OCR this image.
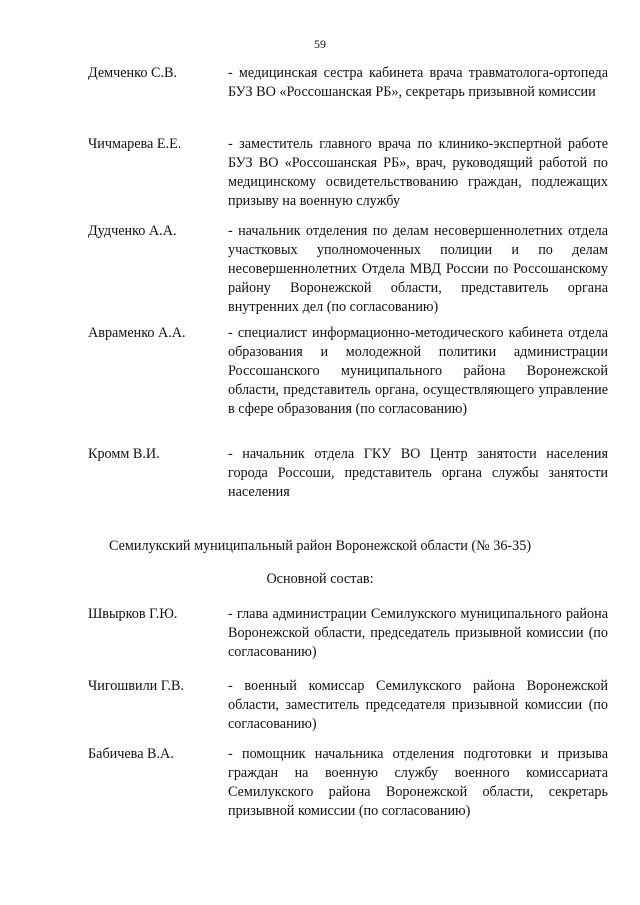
59
Демченко С.В.	- медицинская сестра кабинета врача травматолога-ортопеда БУЗ ВО «Россошанская РБ», секретарь призывной комиссии
Чичмарева Е.Е.	- заместитель главного врача по клинико-экспертной работе БУЗ ВО «Россошанская РБ», врач, руководящий работой по медицинскому освидетельствованию граждан, подлежащих призыву на военную службу
Дудченко А.А.	- начальник отделения по делам несовершеннолетних отдела участковых уполномоченных полиции и по делам несовершеннолетних Отдела МВД России по Россошанскому району Воронежской области, представитель органа внутренних дел (по согласованию)
Авраменко А.А.	- специалист информационно-методического кабинета отдела образования и молодежной политики администрации Россошанского муниципального района Воронежской области, представитель органа, осуществляющего управление в сфере образования (по согласованию)
Кромм В.И.	- начальник отдела ГКУ ВО Центр занятости населения города Россоши, представитель органа службы занятости населения
Семилукский муниципальный район Воронежской области (№ 36-35)
Основной состав:
Швырков Г.Ю.	- глава администрации Семилукского муниципального района Воронежской области, председатель призывной комиссии (по согласованию)
Чигошвили Г.В.	- военный комиссар Семилукского района Воронежской области, заместитель председателя призывной комиссии (по согласованию)
Бабичева В.А.	- помощник начальника отделения подготовки и призыва граждан на военную службу военного комиссариата Семилукского района Воронежской области, секретарь призывной комиссии (по согласованию)
